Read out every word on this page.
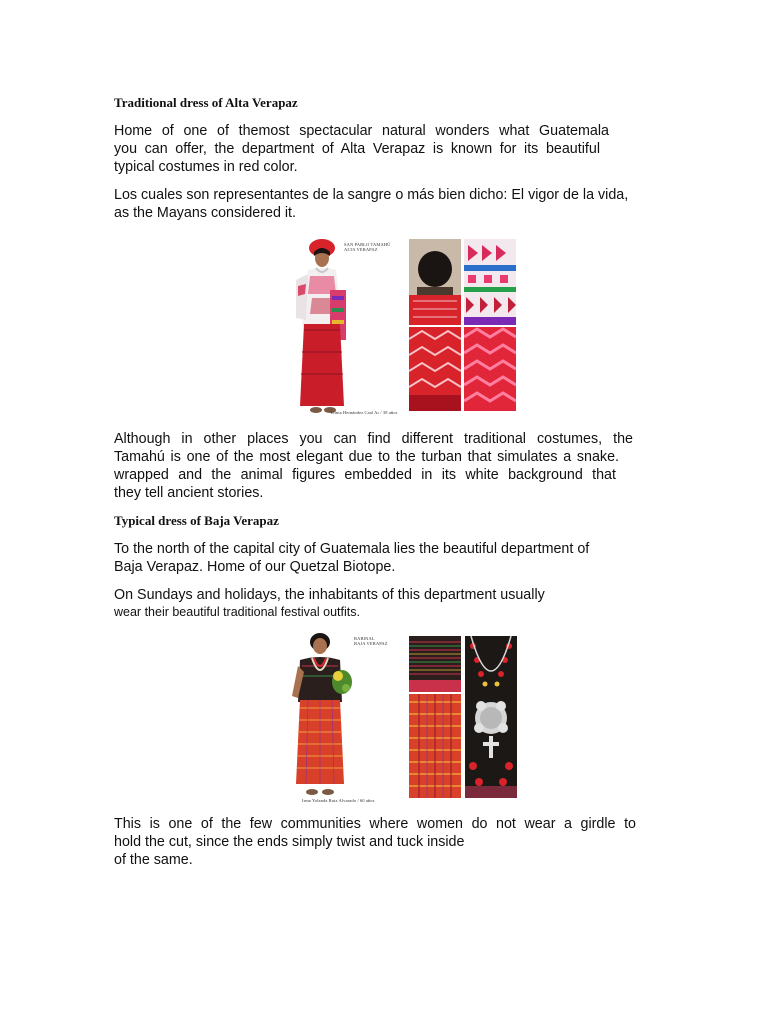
Traditional dress of Alta Verapaz
Home of one of themost spectacular natural wonders what Guatemala
you can offer, the department of Alta Verapaz is known for its beautiful
typical costumes in red color.
Los cuales son representantes de la sangre o más bien dicho: El vigor de la vida,
as the Mayans considered it.
SAN PABLO TAMAHÚ
ALTA VERAPAZ
Telma Hernández Caal Ar / 38 años
Although in other places you can find different traditional costumes, the
Tamahú is one of the most elegant due to the turban that simulates a snake.
wrapped and the animal figures embedded in its white background that
they tell ancient stories.
Typical dress of Baja Verapaz
To the north of the capital city of Guatemala lies the beautiful department of
Baja Verapaz. Home of our Quetzal Biotope.
On Sundays and holidays, the inhabitants of this department usually
wear their beautiful traditional festival outfits.
RABINAL
BAJA VERAPAZ
Irma Yolanda Ruiz Alvarado / 60 años
This is one of the few communities where women do not wear a girdle to
hold the cut, since the ends simply twist and tuck inside
of the same.
